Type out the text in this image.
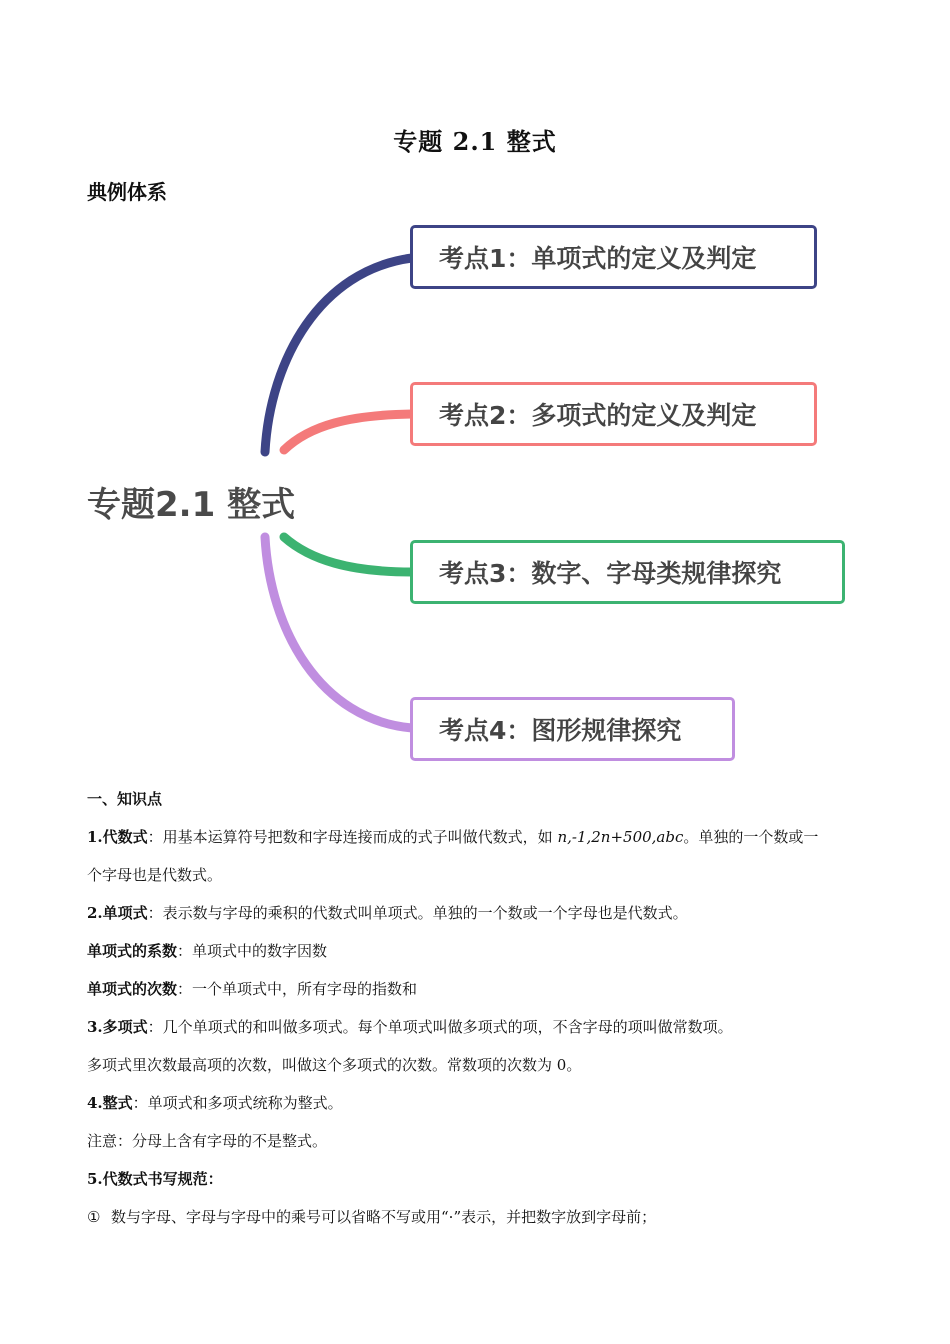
专题 2.1 整式
典例体系
专题2.1 整式
考点1：单项式的定义及判定
考点2：多项式的定义及判定
考点3：数字、字母类规律探究
考点4：图形规律探究

一、知识点

1.代数式：用基本运算符号把数和字母连接而成的式子叫做代数式，如 n,-1,2n+500,abc。单独的一个数或一

个字母也是代数式。

2.单项式：表示数与字母的乘积的代数式叫单项式。单独的一个数或一个字母也是代数式。

单项式的系数：单项式中的数字因数

单项式的次数：一个单项式中，所有字母的指数和

3.多项式：几个单项式的和叫做多项式。每个单项式叫做多项式的项，不含字母的项叫做常数项。

多项式里次数最高项的次数，叫做这个多项式的次数。常数项的次数为 0。

4.整式：单项式和多项式统称为整式。

注意：分母上含有字母的不是整式。

5.代数式书写规范：

① 数与字母、字母与字母中的乘号可以省略不写或用“·”表示，并把数字放到字母前；
